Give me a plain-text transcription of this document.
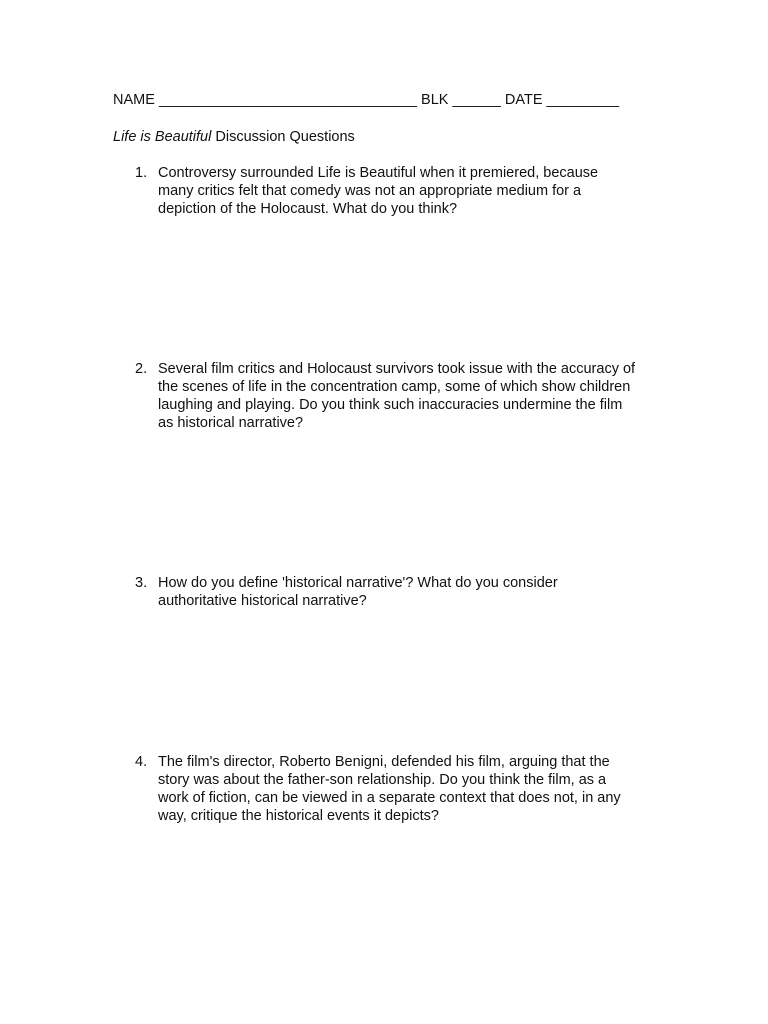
NAME ________________________________ BLK ______ DATE _________
Life is Beautiful Discussion Questions
1. Controversy surrounded Life is Beautiful when it premiered, because
many critics felt that comedy was not an appropriate medium for a
depiction of the Holocaust. What do you think?
2. Several film critics and Holocaust survivors took issue with the accuracy of
the scenes of life in the concentration camp, some of which show children
laughing and playing. Do you think such inaccuracies undermine the film
as historical narrative?
3. How do you define 'historical narrative'? What do you consider
authoritative historical narrative?
4. The film's director, Roberto Benigni, defended his film, arguing that the
story was about the father-son relationship. Do you think the film, as a
work of fiction, can be viewed in a separate context that does not, in any
way, critique the historical events it depicts?
